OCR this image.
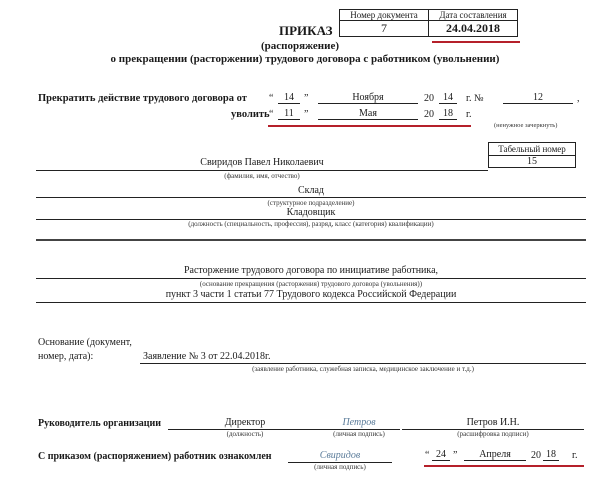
ПРИКАЗ
Номер документа	Дата составления
7	24.04.2018
(распоряжение)
о прекращении (расторжении) трудового договора с работником (увольнении)
Прекратить действие трудового договора от “	14	”	Ноября	20 14	г. №	12	,
уволить “	11	”	Мая	20 18	г.
(ненужное зачеркнуть)
Табельный номер
15
Свиридов Павел Николаевич
(фамилия, имя, отчество)
Склад
(структурное подразделение)
Кладовщик
(должность (специальность, профессия), разряд, класс (категория) квалификации)
Расторжение трудового договора по инициативе работника,
(основание прекращения (расторжения) трудового договора (увольнения))
пункт 3 части 1 статьи 77 Трудового кодекса Российской Федерации
Основание (документ,
номер, дата):	Заявление № 3 от 22.04.2018г.
(заявление работника, служебная записка, медицинское заключение и т.д.)
Руководитель организации	Директор
(должность)
Петров
(личная подпись)
Петров И.Н.
(расшифровка подписи)
С приказом (распоряжением) работник ознакомлен	Свиридов
(личная подпись)
“ 24 ”	Апреля	20 18	г.
